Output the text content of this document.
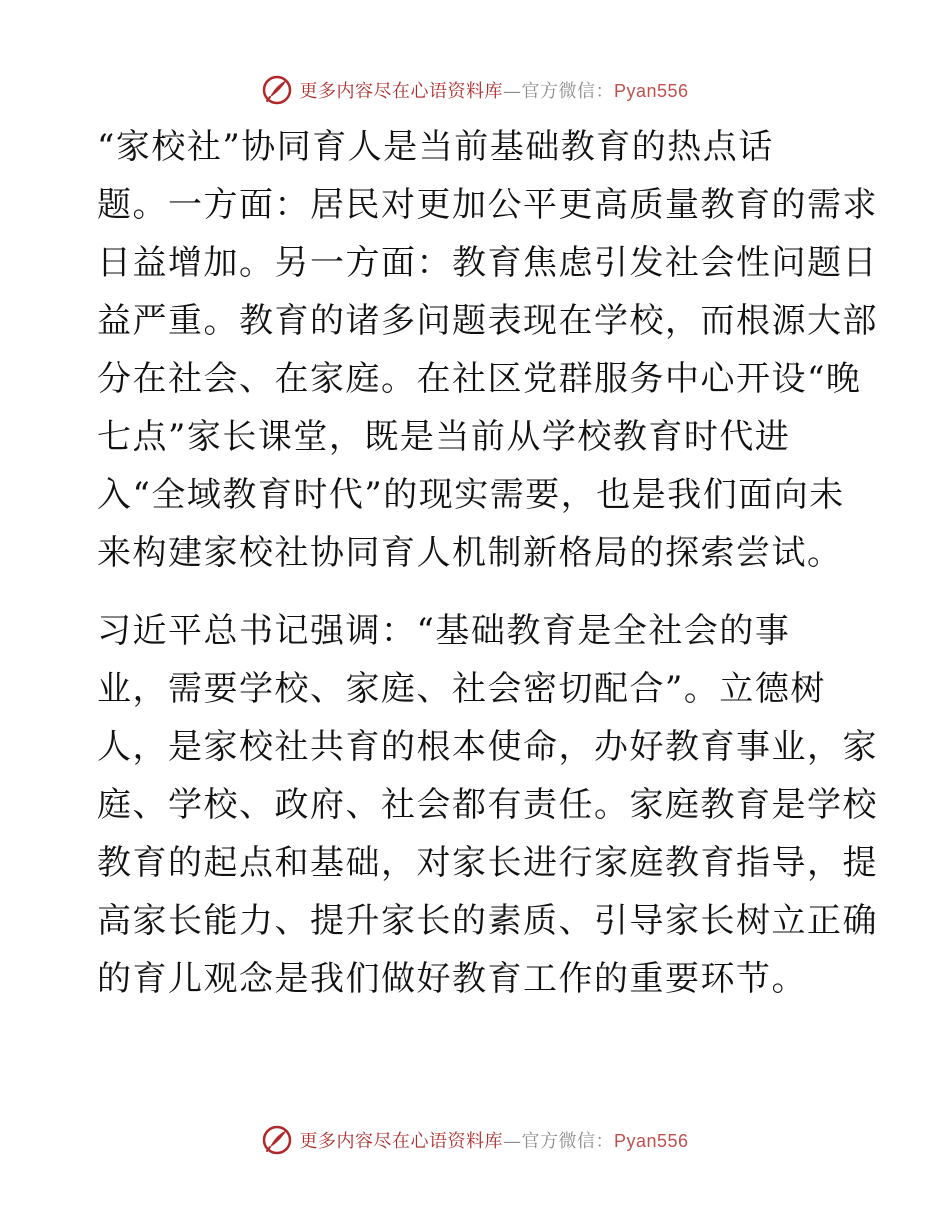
更多内容尽在心语资料库—官方微信：Pyan556
“家校社”协同育人是当前基础教育的热点话
题。一方面：居民对更加公平更高质量教育的需求
日益增加。另一方面：教育焦虑引发社会性问题日
益严重。教育的诸多问题表现在学校，而根源大部
分在社会、在家庭。在社区党群服务中心开设“晚
七点”家长课堂，既是当前从学校教育时代进
入“全域教育时代”的现实需要，也是我们面向未
来构建家校社协同育人机制新格局的探索尝试。
习近平总书记强调：“基础教育是全社会的事
业，需要学校、家庭、社会密切配合”。立德树
人，是家校社共育的根本使命，办好教育事业，家
庭、学校、政府、社会都有责任。家庭教育是学校
教育的起点和基础，对家长进行家庭教育指导，提
高家长能力、提升家长的素质、引导家长树立正确
的育儿观念是我们做好教育工作的重要环节。
更多内容尽在心语资料库—官方微信：Pyan556
